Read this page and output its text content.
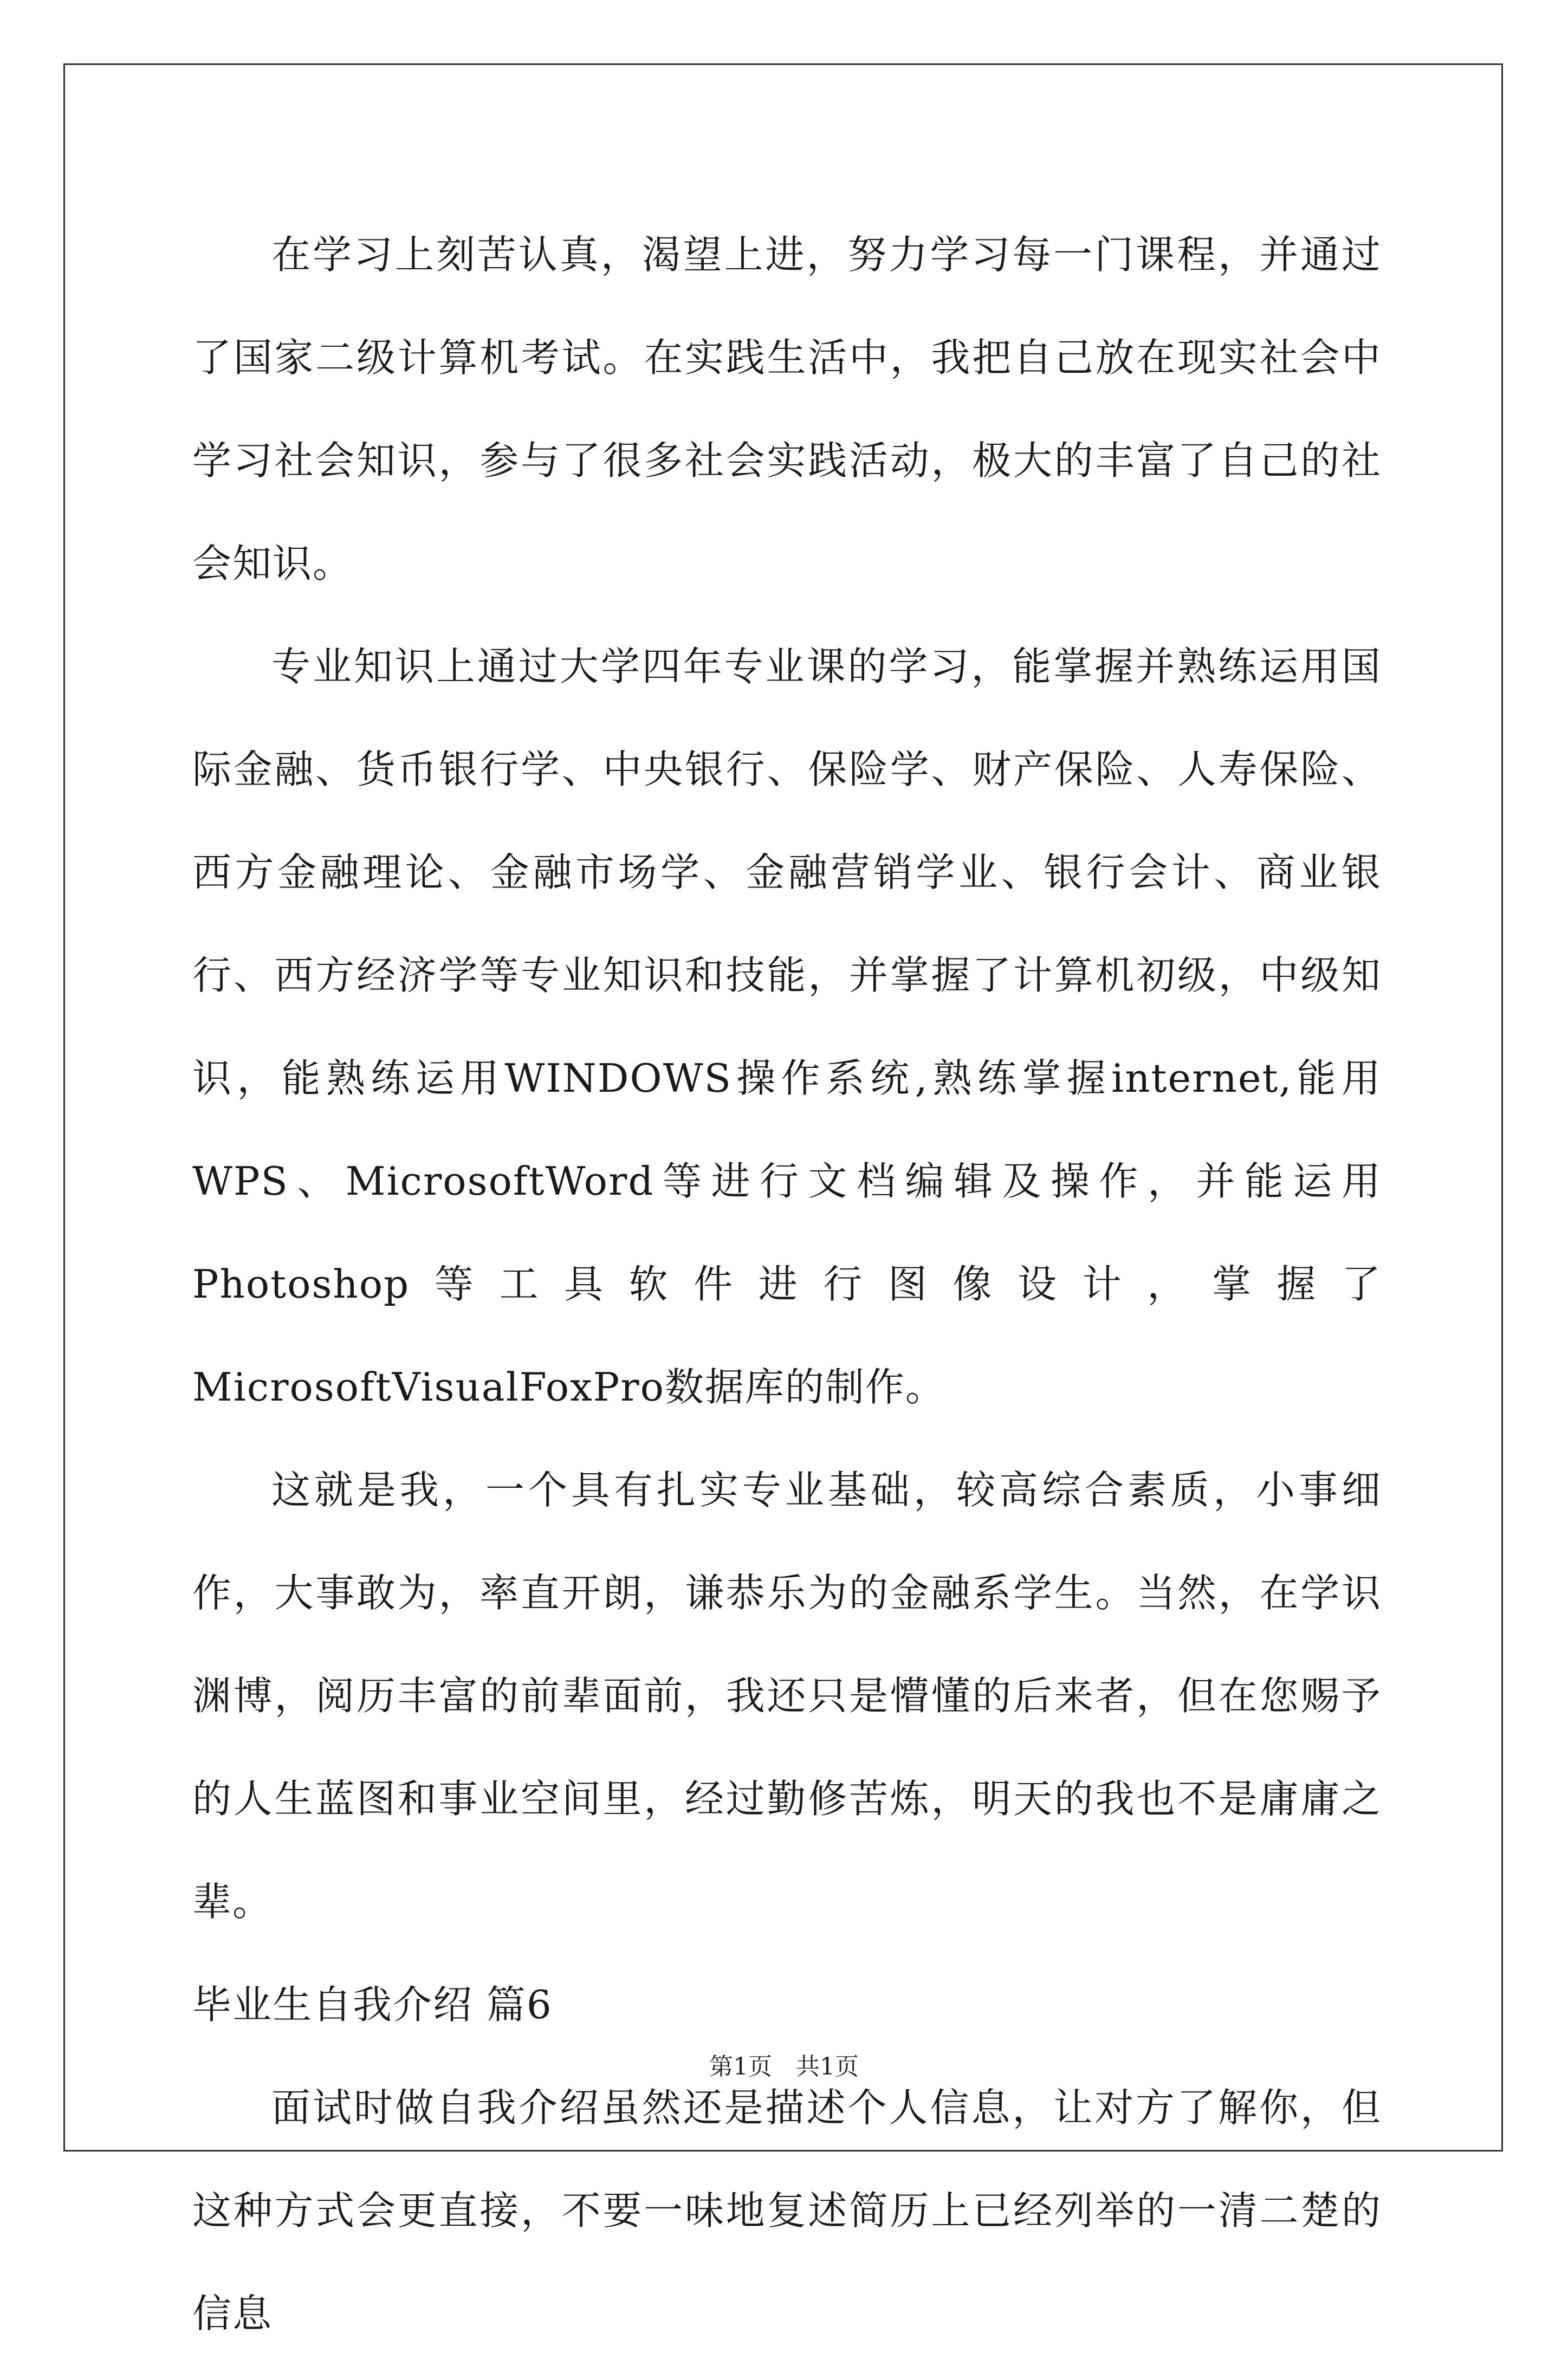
在学习上刻苦认真，渴望上进，努力学习每一门课程，并通过了国家二级计算机考试。在实践生活中，我把自己放在现实社会中学习社会知识，参与了很多社会实践活动，极大的丰富了自己的社会知识。

专业知识上通过大学四年专业课的学习，能掌握并熟练运用国际金融、货币银行学、中央银行、保险学、财产保险、人寿保险、西方金融理论、金融市场学、金融营销学业、银行会计、商业银行、西方经济学等专业知识和技能，并掌握了计算机初级，中级知识，能熟练运用WINDOWS操作系统,熟练掌握internet,能用WPS、MicrosoftWord等进行文档编辑及操作，并能运用Photoshop等工具软件进行图像设计，掌握了MicrosoftVisualFoxPro数据库的制作。

这就是我，一个具有扎实专业基础，较高综合素质，小事细作，大事敢为，率直开朗，谦恭乐为的金融系学生。当然，在学识渊博，阅历丰富的前辈面前，我还只是懵懂的后来者，但在您赐予的人生蓝图和事业空间里，经过勤修苦炼，明天的我也不是庸庸之辈。

毕业生自我介绍 篇6

面试时做自我介绍虽然还是描述个人信息，让对方了解你，但这种方式会更直接，不要一味地复述简历上已经列举的一清二楚的信息

第1页　共1页
